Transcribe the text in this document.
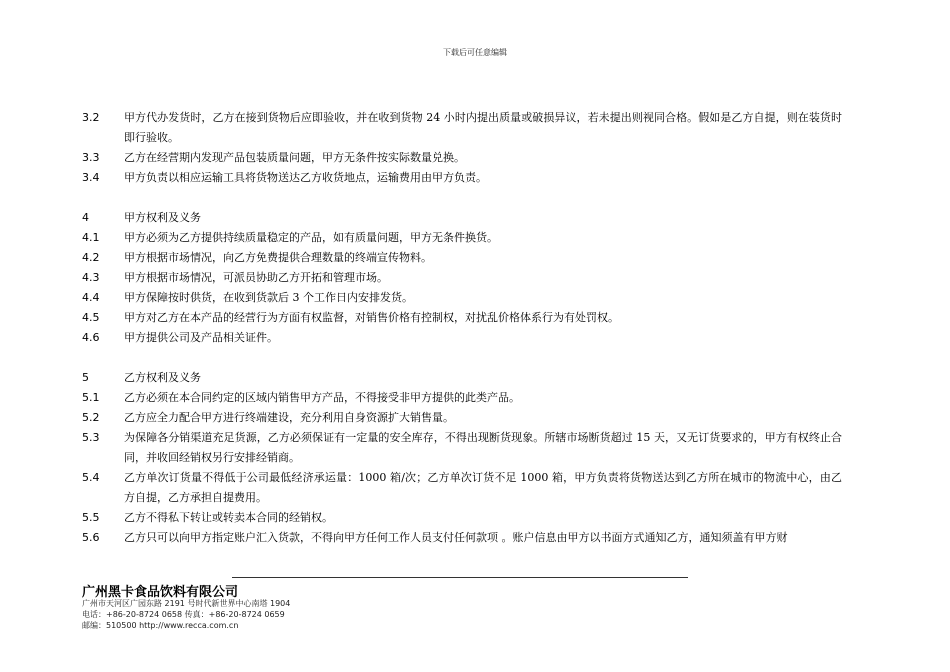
下载后可任意编辑
3.2	甲方代办发货时，乙方在接到货物后应即验收，并在收到货物 24 小时内提出质量或破损异议，若未提出则视同合格。假如是乙方自提，则在装货时即行验收。
3.3	乙方在经营期内发现产品包装质量问题，甲方无条件按实际数量兑换。
3.4	甲方负责以相应运输工具将货物送达乙方收货地点，运输费用由甲方负责。
4	甲方权利及义务
4.1	甲方必须为乙方提供持续质量稳定的产品，如有质量问题，甲方无条件换货。
4.2	甲方根据市场情况，向乙方免费提供合理数量的终端宣传物料。
4.3	甲方根据市场情况，可派员协助乙方开拓和管理市场。
4.4	甲方保障按时供货，在收到货款后 3 个工作日内安排发货。
4.5	甲方对乙方在本产品的经营行为方面有权监督，对销售价格有控制权，对扰乱价格体系行为有处罚权。
4.6	甲方提供公司及产品相关证件。
5	乙方权利及义务
5.1	乙方必须在本合同约定的区域内销售甲方产品，不得接受非甲方提供的此类产品。
5.2	乙方应全力配合甲方进行终端建设，充分利用自身资源扩大销售量。
5.3	为保障各分销渠道充足货源，乙方必须保证有一定量的安全库存，不得出现断货现象。所辖市场断货超过 15 天，又无订货要求的，甲方有权终止合同，并收回经销权另行安排经销商。
5.4	乙方单次订货量不得低于公司最低经济承运量：1000 箱/次；乙方单次订货不足 1000 箱，甲方负责将货物送达到乙方所在城市的物流中心，由乙方自提，乙方承担自提费用。
5.5	乙方不得私下转让或转卖本合同的经销权。
5.6	乙方只可以向甲方指定账户汇入货款，不得向甲方任何工作人员支付任何款项 。账户信息由甲方以书面方式通知乙方，通知须盖有甲方财
广州黑卡食品饮料有限公司
广州市天河区广园东路 2191 号时代新世界中心南塔 1904
电话：+86-20-8724 0658 传真：+86-20-8724 0659
邮编：510500 http://www.recca.com.cn
